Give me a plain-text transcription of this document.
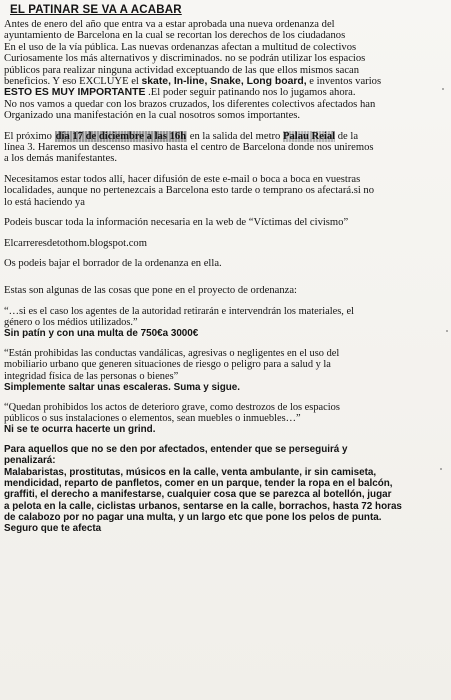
EL PATINAR SE VA A ACABAR

Antes de enero del año que entra va a estar aprobada una nueva ordenanza del

ayuntamiento de Barcelona en la cual se recortan los derechos de los ciudadanos

En el uso de la vía pública. Las nuevas ordenanzas afectan a multitud de colectivos

Curiosamente los más alternativos y discriminados. no se podrán utilizar los espacios

públicos para realizar ninguna actividad exceptuando de las que ellos mismos sacan

beneficios. Y eso EXCLUYE el skate, In-line, Snake, Long board, e inventos varios

ESTO ES MUY IMPORTANTE .El poder seguir patinando nos lo jugamos ahora.

No nos vamos a quedar con los brazos cruzados, los diferentes colectivos afectados han

Organizado una manifestación en la cual nosotros somos importantes.

El próximo día 17 de diciembre a las 16h en la salida del metro Palau Reial de la

línea 3. Haremos un descenso masivo hasta el centro de Barcelona donde nos uniremos

a los demás manifestantes.

Necesitamos estar todos allí, hacer difusión de este e-mail o boca a boca en vuestras

localidades, aunque no pertenezcais a Barcelona esto tarde o temprano os afectará.si no

lo está haciendo ya

Podeis buscar toda la información necesaria en la web de “Víctimas del civismo”

Elcarreresdetothom.blogspot.com

Os podeis bajar el borrador de la ordenanza en ella.

Estas son algunas de las cosas que pone en el proyecto de ordenanza:

“…si es el caso los agentes de la autoridad retirarán e intervendrán los materiales, el

género o los médios utilizados.”

Sin patín y con una multa de 750€a 3000€

“Están prohibidas las conductas vandálicas, agresivas o negligentes en el uso del

mobiliario urbano que generen situaciones de riesgo o peligro para a salud y la

integridad física de las personas o bienes”

Simplemente saltar unas escaleras. Suma y sigue.

“Quedan prohibidos los actos de deterioro grave, como destrozos de los espacios

públicos o sus instalaciones o elementos, sean muebles o inmuebles…”

Ni se te ocurra hacerte un grind.

Para aquellos que no se den por afectados, entender que se perseguirá y

penalizará:

Malabaristas, prostitutas, músicos en la calle, venta ambulante, ir sin camiseta,

mendicidad, reparto de panfletos, comer en un parque, tender la ropa en el balcón,

graffiti, el derecho a manifestarse, cualquier cosa que se parezca al botellón, jugar

a pelota en la calle, ciclistas urbanos, sentarse en la calle, borrachos, hasta 72 horas

de calabozo por no pagar una multa, y un largo etc que pone los pelos de punta.

Seguro que te afecta
